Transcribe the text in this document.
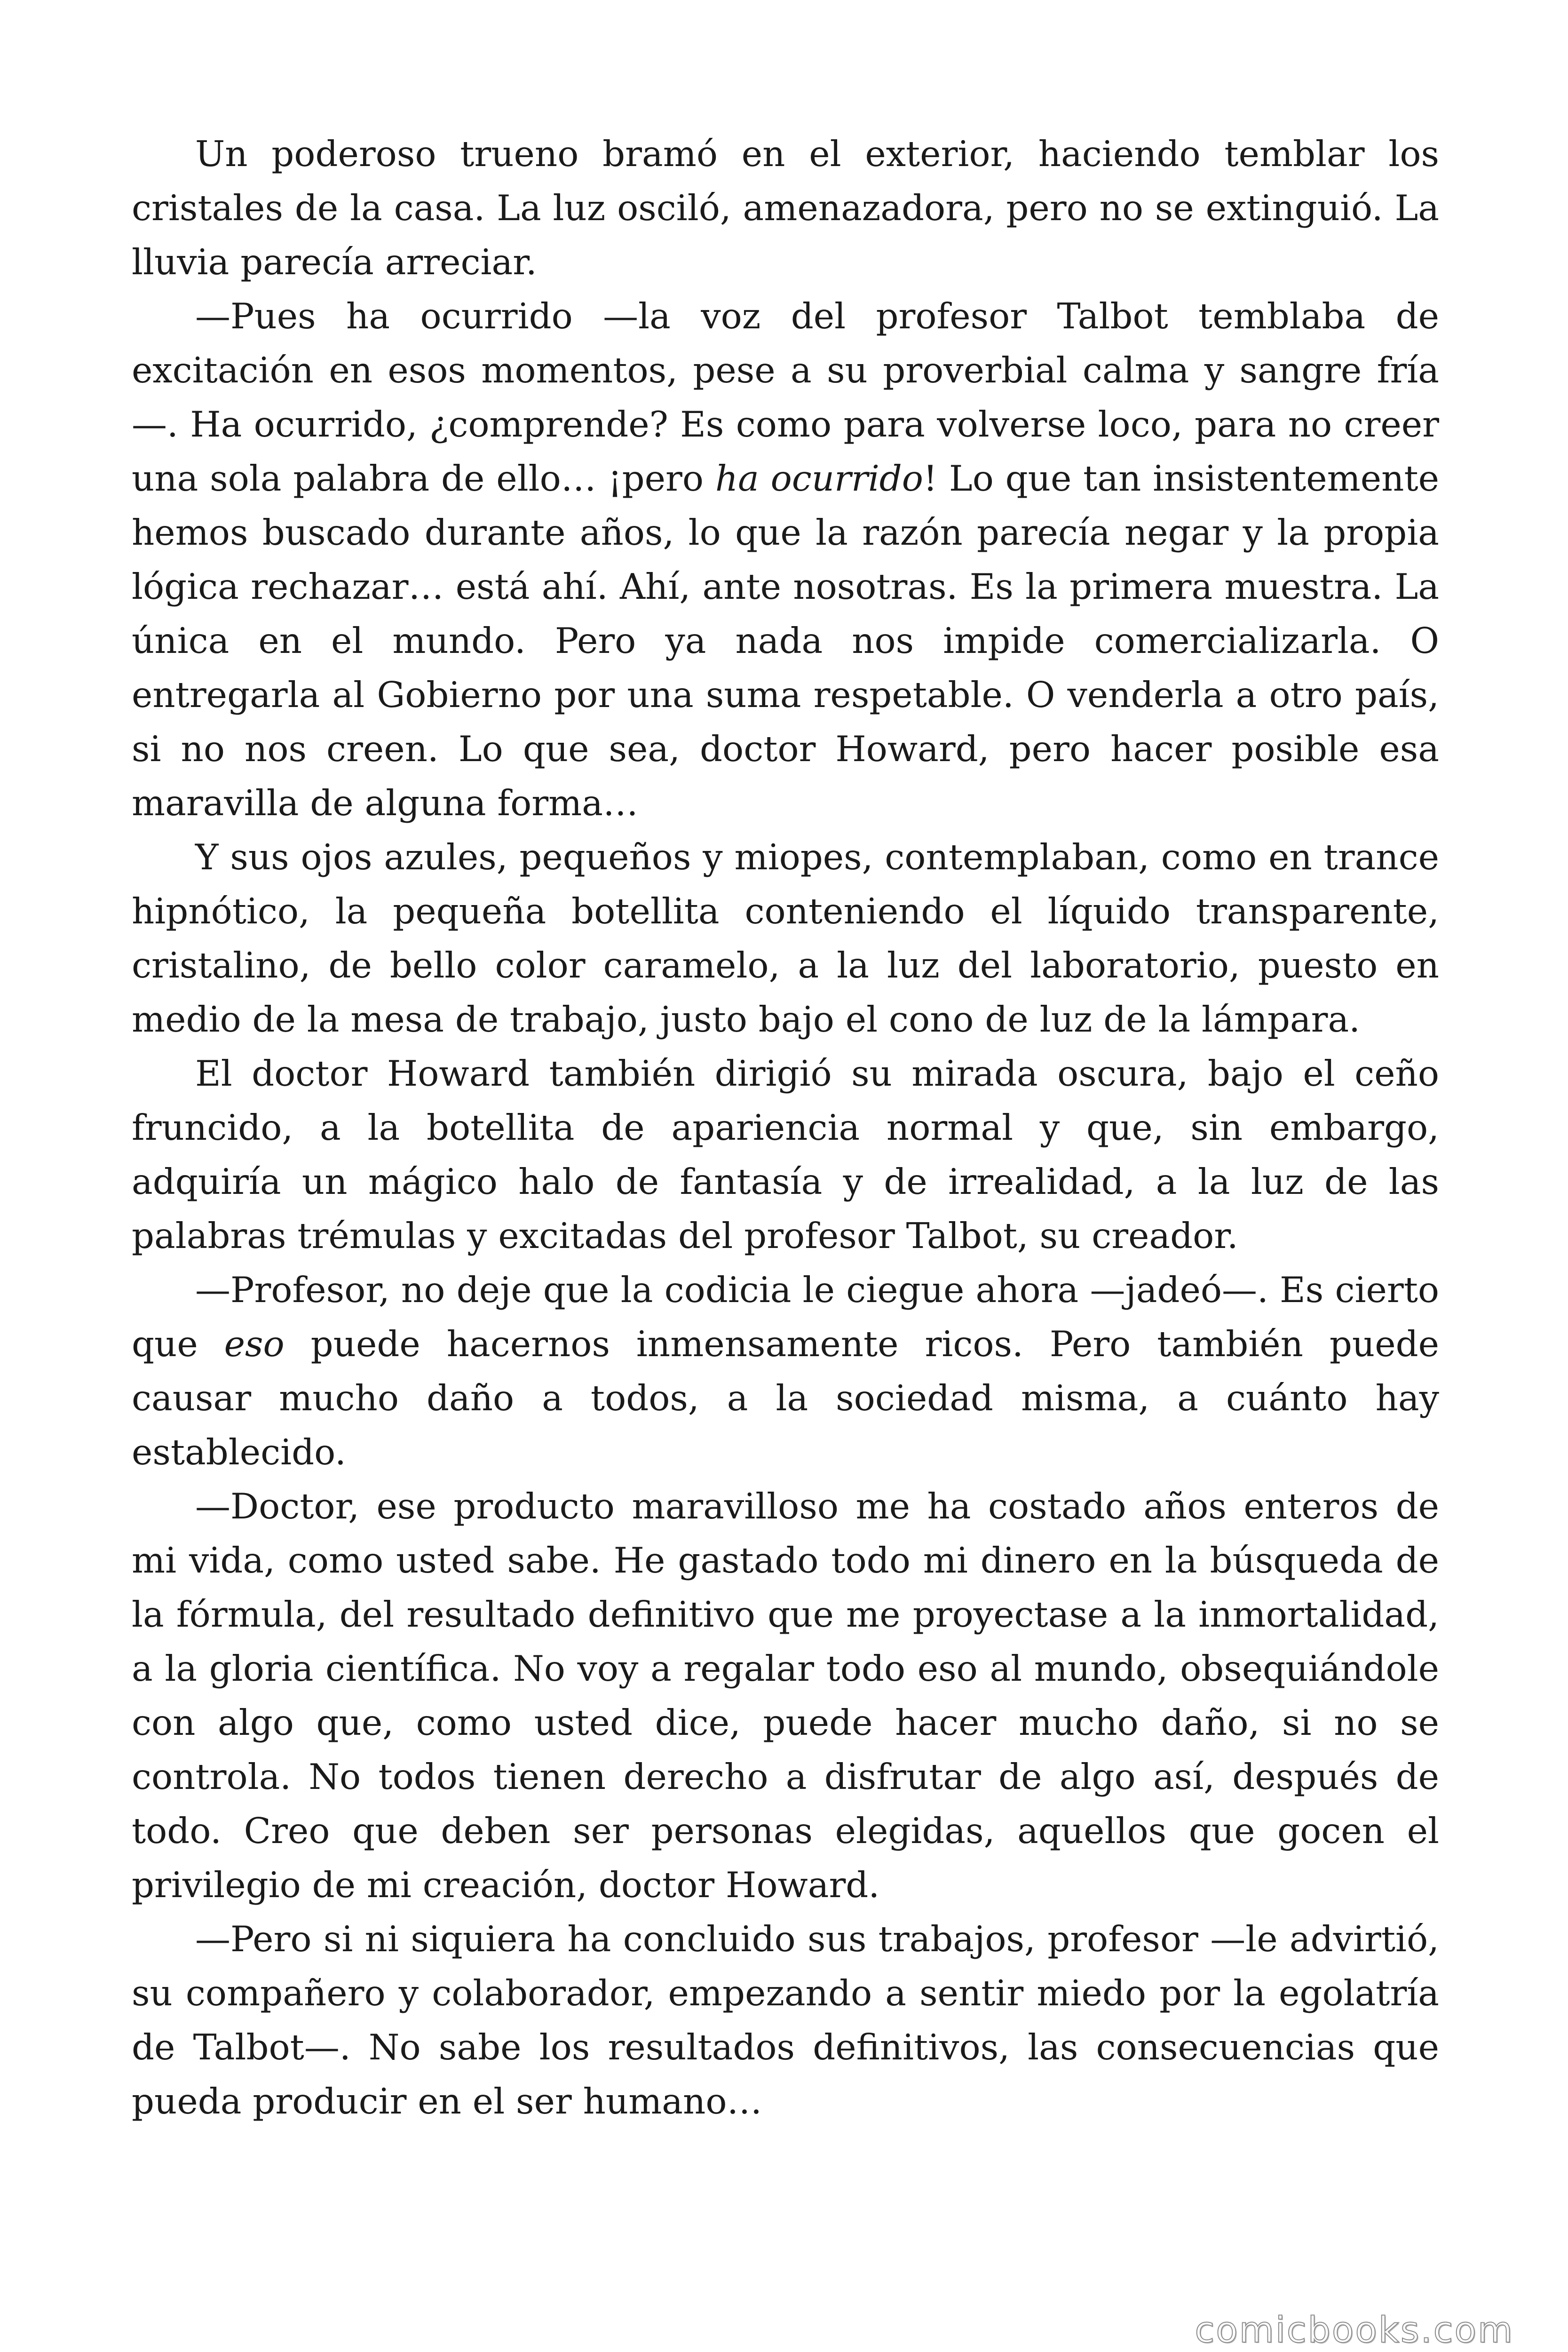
Un poderoso trueno bramó en el exterior, haciendo temblar los cristales de la casa. La luz osciló, amenazadora, pero no se extinguió. La lluvia parecía arreciar.

—Pues ha ocurrido —la voz del profesor Talbot temblaba de excitación en esos momentos, pese a su proverbial calma y sangre fría—. Ha ocurrido, ¿comprende? Es como para volverse loco, para no creer una sola palabra de ello… ¡pero ha ocurrido! Lo que tan insistentemente hemos buscado durante años, lo que la razón parecía negar y la propia lógica rechazar… está ahí. Ahí, ante nosotras. Es la primera muestra. La única en el mundo. Pero ya nada nos impide comercializarla. O entregarla al Gobierno por una suma respetable. O venderla a otro país, si no nos creen. Lo que sea, doctor Howard, pero hacer posible esa maravilla de alguna forma…

Y sus ojos azules, pequeños y miopes, contemplaban, como en trance hipnótico, la pequeña botellita conteniendo el líquido transparente, cristalino, de bello color caramelo, a la luz del laboratorio, puesto en medio de la mesa de trabajo, justo bajo el cono de luz de la lámpara.

El doctor Howard también dirigió su mirada oscura, bajo el ceño fruncido, a la botellita de apariencia normal y que, sin embargo, adquiría un mágico halo de fantasía y de irrealidad, a la luz de las palabras trémulas y excitadas del profesor Talbot, su creador.

—Profesor, no deje que la codicia le ciegue ahora —jadeó—. Es cierto que eso puede hacernos inmensamente ricos. Pero también puede causar mucho daño a todos, a la sociedad misma, a cuánto hay establecido.

—Doctor, ese producto maravilloso me ha costado años enteros de mi vida, como usted sabe. He gastado todo mi dinero en la búsqueda de la fórmula, del resultado definitivo que me proyectase a la inmortalidad, a la gloria científica. No voy a regalar todo eso al mundo, obsequiándole con algo que, como usted dice, puede hacer mucho daño, si no se controla. No todos tienen derecho a disfrutar de algo así, después de todo. Creo que deben ser personas elegidas, aquellos que gocen el privilegio de mi creación, doctor Howard.

—Pero si ni siquiera ha concluido sus trabajos, profesor —le advirtió, su compañero y colaborador, empezando a sentir miedo por la egolatría de Talbot—. No sabe los resultados definitivos, las consecuencias que pueda producir en el ser humano…

comicbooks.com
